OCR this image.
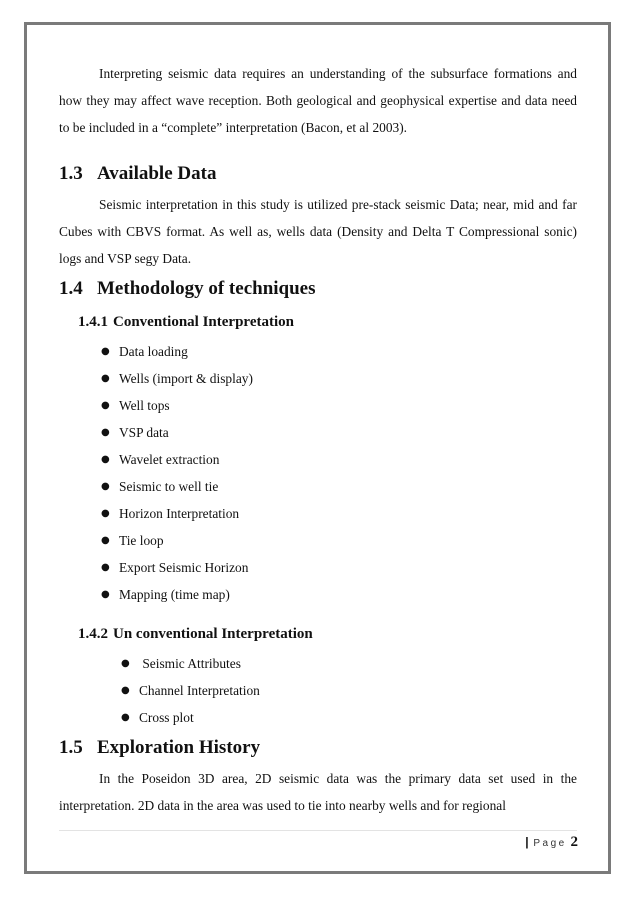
Interpreting seismic data requires an understanding of the subsurface formations and how they may affect wave reception. Both geological and geophysical expertise and data need to be included in a “complete” interpretation (Bacon, et al 2003).

1.3 Available Data

Seismic interpretation in this study is utilized pre-stack seismic Data; near, mid and far Cubes with CBVS format. As well as, wells data (Density and Delta T Compressional sonic) logs and VSP segy Data.

1.4 Methodology of techniques
1.4.1 Conventional Interpretation
● Data loading
● Wells (import & display)
● Well tops
● VSP data
● Wavelet extraction
● Seismic to well tie
● Horizon Interpretation
● Tie loop
● Export Seismic Horizon
● Mapping (time map)
1.4.2 Un conventional Interpretation
● Seismic Attributes
● Channel Interpretation
● Cross plot
1.5 Exploration History

In the Poseidon 3D area, 2D seismic data was the primary data set used in the interpretation. 2D data in the area was used to tie into nearby wells and for regional

| Page 2
